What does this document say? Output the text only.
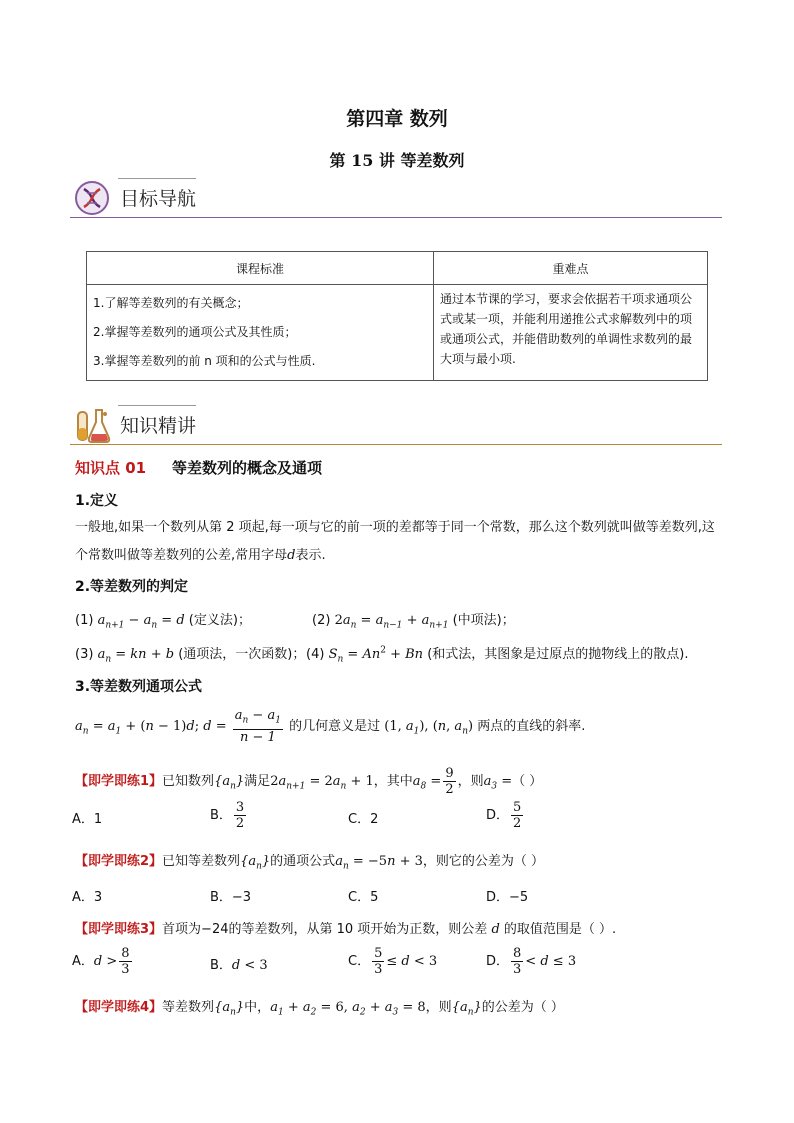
第四章 数列
第 15 讲 等差数列
目标导航
课程标准	重难点

1.了解等差数列的有关概念；
2.掌握等差数列的通项公式及其性质；
3.掌握等差数列的前 n 项和的公式与性质.	通过本节课的学习，要求会依据若干项求通项公式或某一项，并能利用递推公式求解数列中的项或通项公式，并能借助数列的单调性求数列的最大项与最小项.
知识精讲
知识点 01 等差数列的概念及通项
1.定义
一般地,如果一个数列从第 2 项起,每一项与它的前一项的差都等于同一个常数，那么这个数列就叫做等差数列,这个常数叫做等差数列的公差,常用字母d表示.
2.等差数列的判定
(1) $a_{n+1} - a_n = d$ (定义法)；	(2) $2a_n = a_{n-1} + a_{n+1}$ (中项法)；
(3) $a_n$ = kn + b (通项法，一次函数)； (4) $S_n = An^2 + Bn$ (和式法，其图象是过原点的抛物线上的散点).
3.等差数列通项公式
$a_n = a_1 + (n - 1)d$; $d = \frac{a_n - a_1}{n - 1}$ 的几何意义是过 (1, $a_1$), (n, $a_n$) 两点的直线的斜率.
【即学即练1】已知数列$\{a_n\}$满足$2a_{n+1} = 2a_n + 1$，其中$a_8 = \frac{9}{2}$ ，则$a_3$ =（ ）
A．1	B． $\frac{3}{2}$	C．2	D． $\frac{5}{2}$
【即学即练2】已知等差数列$\{a_n\}$的通项公式$a_n = -5n + 3$，则它的公差为（ ）
A．3	B．−3	C．5	D．−5
【即学即练3】首项为−24的等差数列，从第 10 项开始为正数，则公差 d 的取值范围是（ ）.
A．$d > \frac{8}{3}$	B．d < 3	C． $\frac{5}{3} \le d < 3$	D． $\frac{8}{3} < d \le 3$
【即学即练4】等差数列$\{a_n\}$中，$a_1 + a_2 = 6$, $a_2 + a_3 = 8$，则$\{a_n\}$的公差为（ ）
